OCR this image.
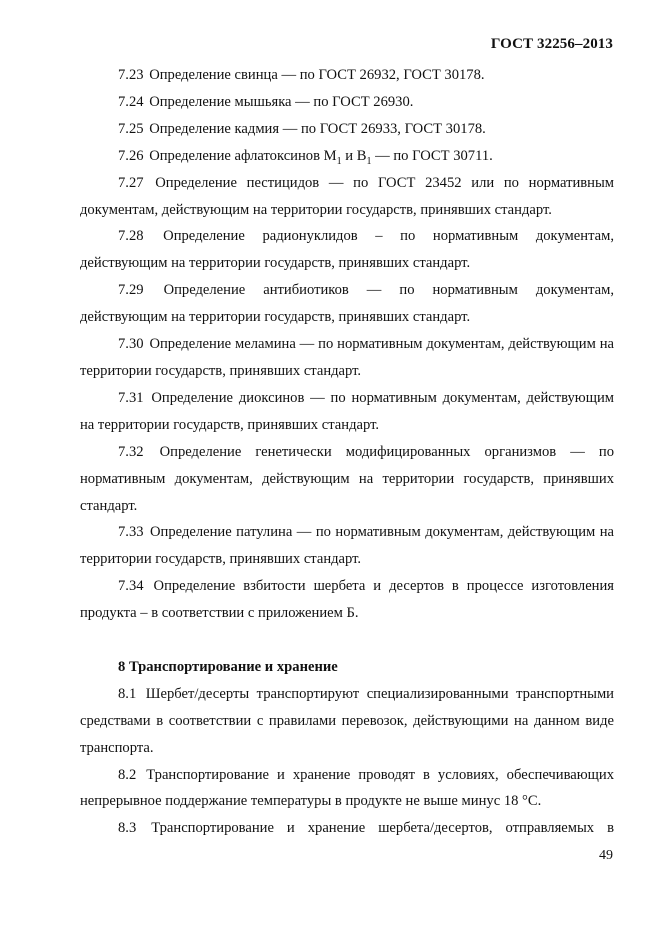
ГОСТ 32256–2013

7.23 Определение свинца — по ГОСТ 26932, ГОСТ 30178.

7.24 Определение мышьяка — по ГОСТ 26930.

7.25 Определение кадмия — по ГОСТ 26933, ГОСТ 30178.

7.26 Определение афлатоксинов $М_1$ и $В_1$ — по ГОСТ 30711.

7.27 Определение пестицидов — по ГОСТ 23452 или по нормативным документам, действующим на территории государств, принявших стандарт.

7.28 Определение радионуклидов – по нормативным документам, действующим на территории государств, принявших стандарт.

7.29 Определение антибиотиков — по нормативным документам, действующим на территории государств, принявших стандарт.

7.30 Определение меламина — по нормативным документам, действующим на территории государств, принявших стандарт.

7.31 Определение диоксинов — по нормативным документам, действующим на территории государств, принявших стандарт.

7.32 Определение генетически модифицированных организмов — по нормативным документам, действующим на территории государств, принявших стандарт.

7.33 Определение патулина — по нормативным документам, действующим на территории государств, принявших стандарт.

7.34 Определение взбитости шербета и десертов в процессе изготовления продукта – в соответствии с приложением Б.

8 Транспортирование и хранение

8.1 Шербет/десерты транспортируют специализированными транспортными средствами в соответствии с правилами перевозок, действующими на данном виде транспорта.

8.2 Транспортирование и хранение проводят в условиях, обеспечивающих непрерывное поддержание температуры в продукте не выше минус 18 °С.

8.3 Транспортирование и хранение шербета/десертов, отправляемых в

49
